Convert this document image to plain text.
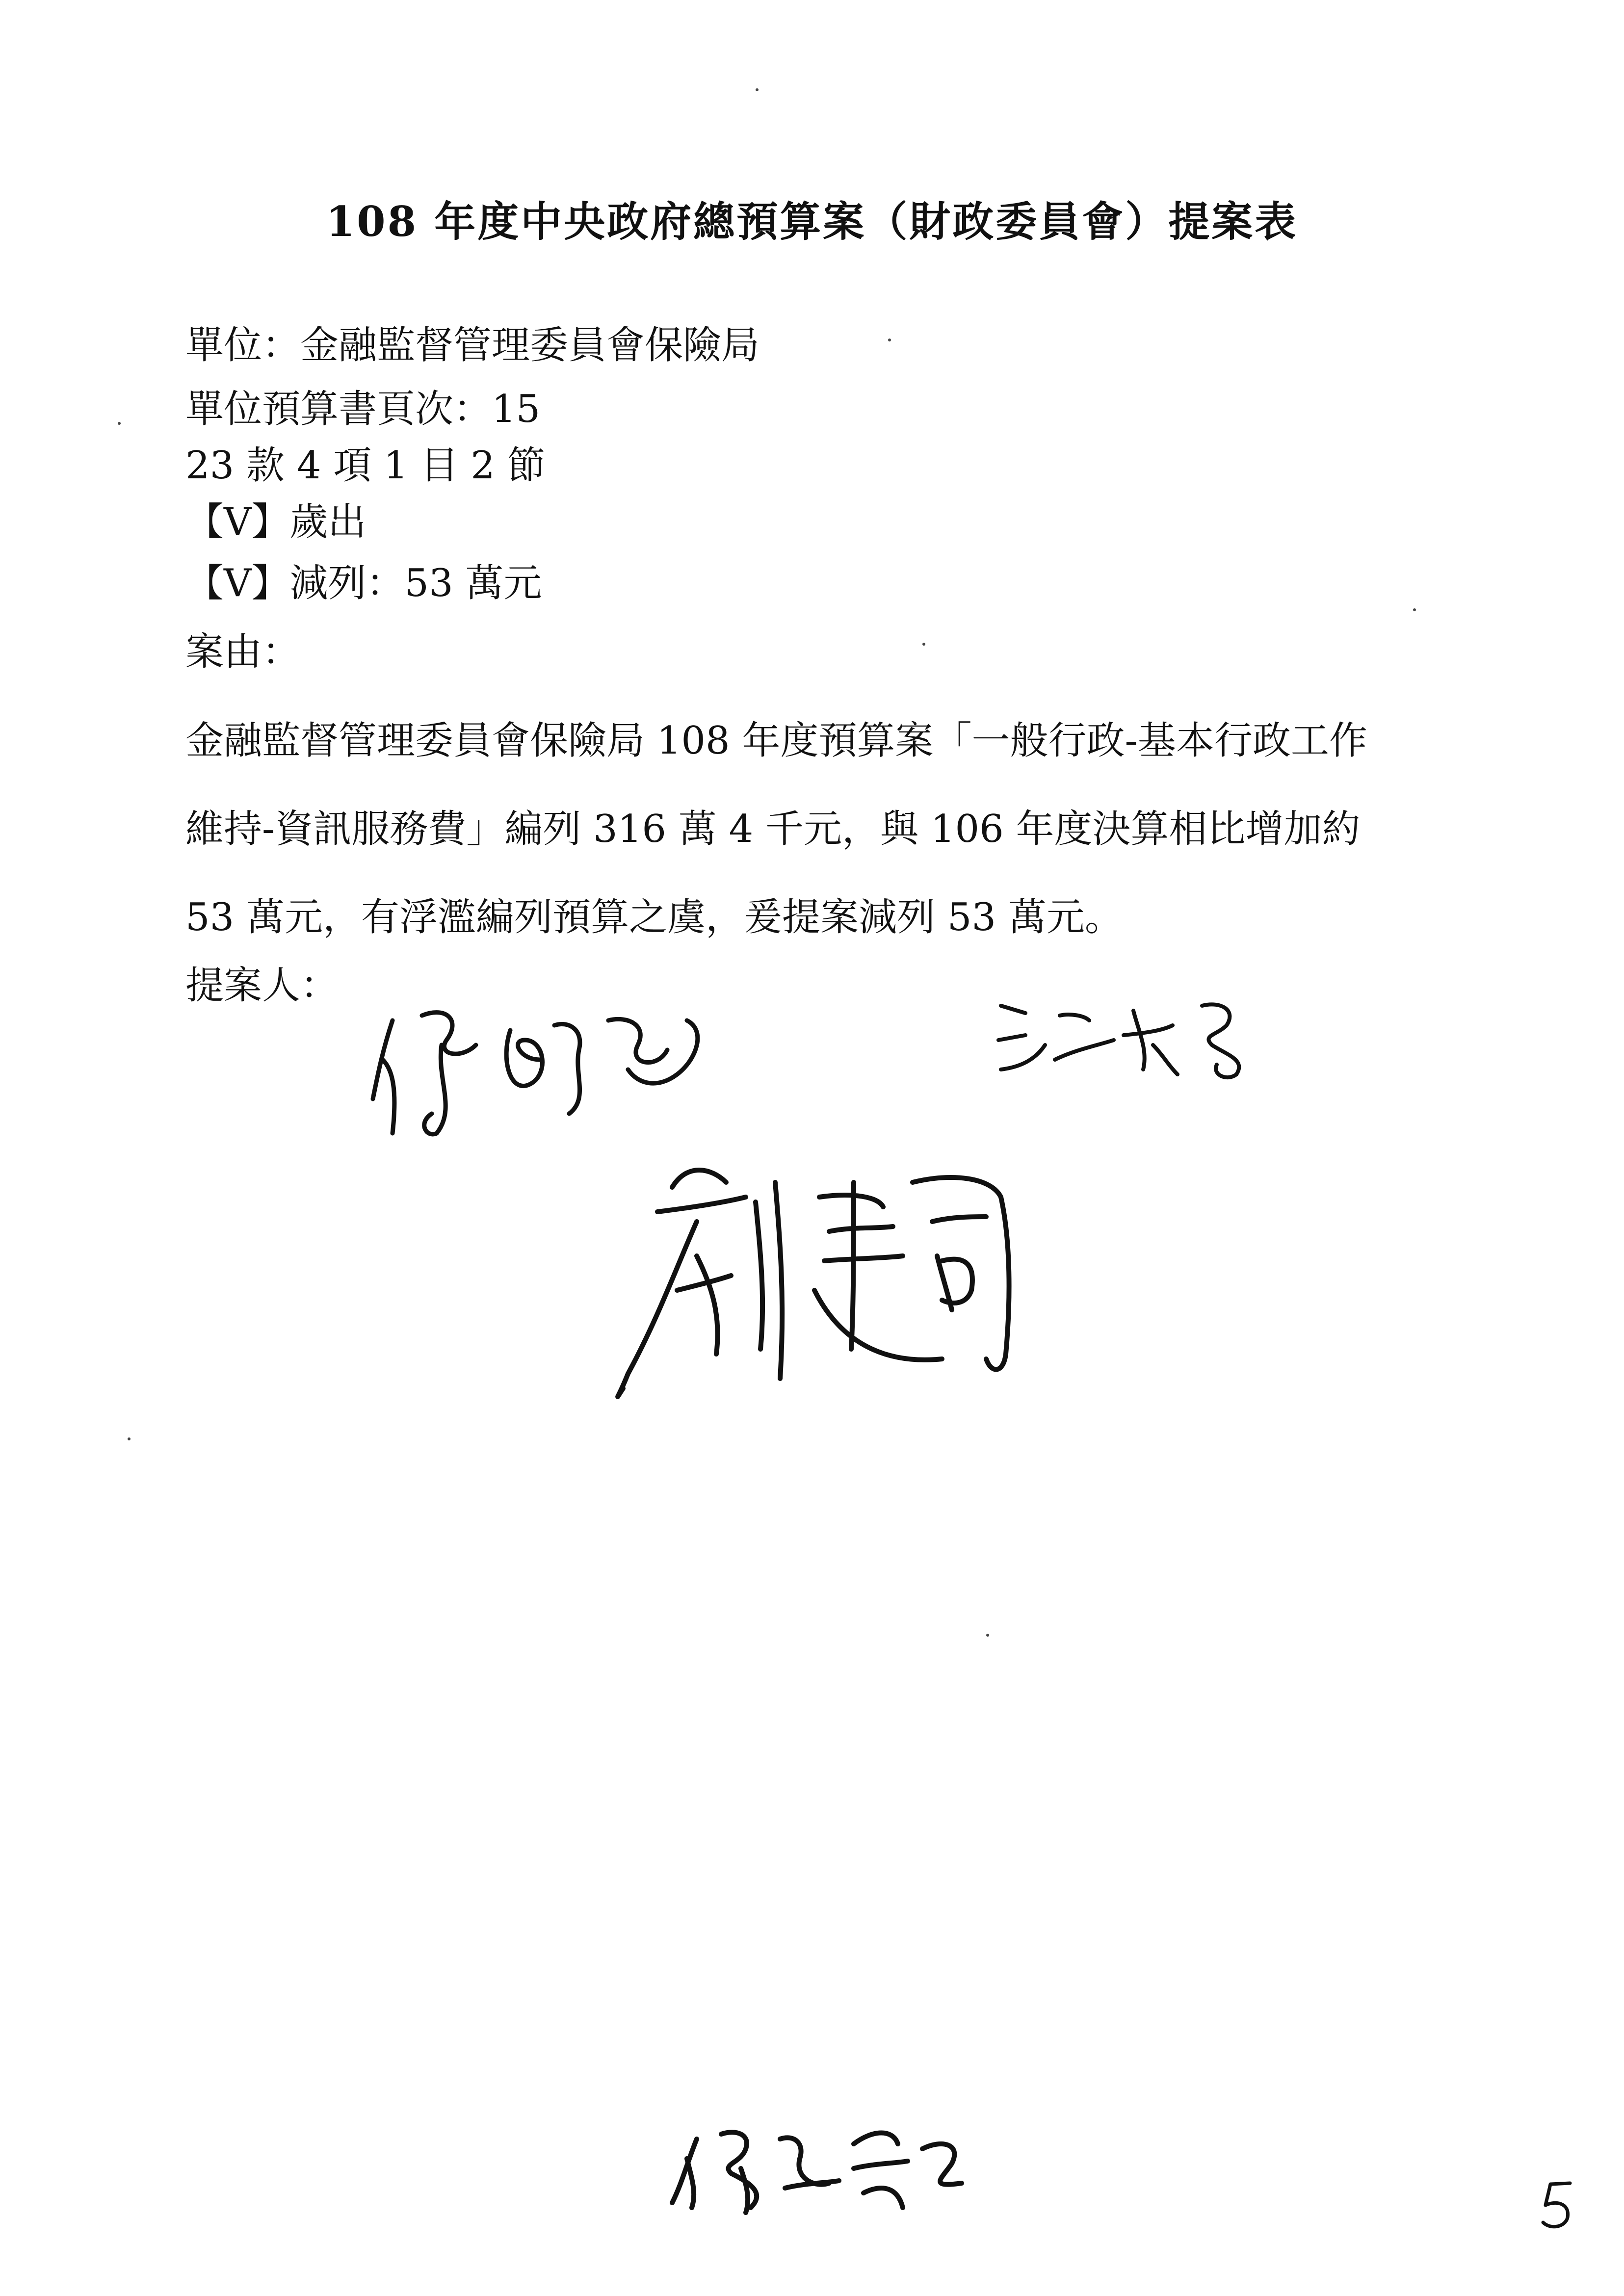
108 年度中央政府總預算案（財政委員會）提案表
單位：金融監督管理委員會保險局
單位預算書頁次：15
23 款 4 項 1 目 2 節
【V】歲出
【V】減列：53 萬元
案由：
金融監督管理委員會保險局 108 年度預算案「一般行政-基本行政工作
維持-資訊服務費」編列 316 萬 4 千元，與 106 年度決算相比增加約
53 萬元，有浮濫編列預算之虞，爰提案減列 53 萬元。
提案人：
